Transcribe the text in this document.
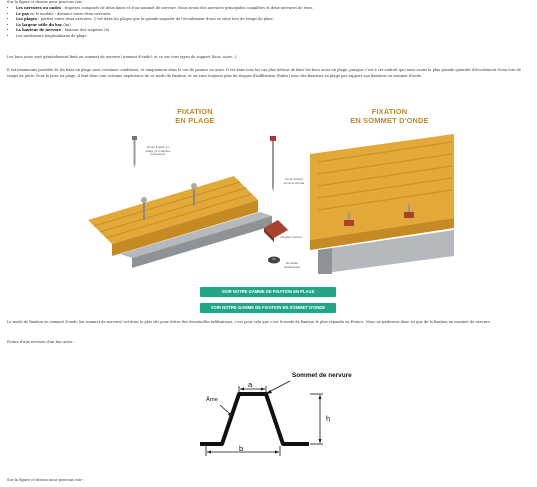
Sur la figure ci-dessus nous pouvons voir :
• Les nervures ou ondes : trapèzes composés de deux âmes et d'un sommet de nervure. Nous avons des nervures principales complètes et deux nervures de rives
• Le pas ou le module : distance entre deux nervures
• Les plages : parties entre deux nervures. C'est dans les plages que la grande majorité de l'écoulement d'eau se situe lors du temps de pluie.
• La largeur utile du bac (lm)
• La hauteur de nervure : hauteur des trapèzes (h)
• Les raidisseurs longitudinaux de plage
Les bacs acier sont généralement fixés en sommet de nervure (sommet d'onde), et ce sur tous types de support (bois, acier...).
Il est néanmoins possible de les fixer en plage sous certaines conditions, et uniquement dans le cas de pannes en acier. Il est dans tous les cas plus délicat de fixer les bacs acier en plage, puisque c'est à cet endroit que nous avons la plus grande quantité d'écoulement d'eau lors de temps de pluie. Pour la pose en plage, il faut donc une certaine expérience de ce mode de fixation, et on aura toujours plus de risques d'infiltration (fuites) avec des fixations en plage par rapport aux fixations en sommet d'onde.
FIXATION
EN PLAGE
FIXATION
EN SOMMET D'ONDE
Vis de fixation en plage, (2 rondelles incrustées)
Vis de fixation sommet d'onde
Cavalier perforé
Rondelle d'étanchéité
VOIR NOTRE GAMME DE FIXATION EN PLAGE
VOIR NOTRE GAMME DE FIXATION EN SOMMET D'ONDE
Le mode de fixation en sommet d'onde (ou sommet de nervure) est donc le plus sûr pour éviter des éventuelles infiltrations, c'est pour cela que c'est le mode de fixation le plus répandu en France. Nous ne parlerons donc ici que de la fixation en sommet de nervure.
Forme d'une nervure d'un bac acier :
a
b
h
Âme
Sommet de nervure
Sur la figure ci-dessus nous pouvons voir :
